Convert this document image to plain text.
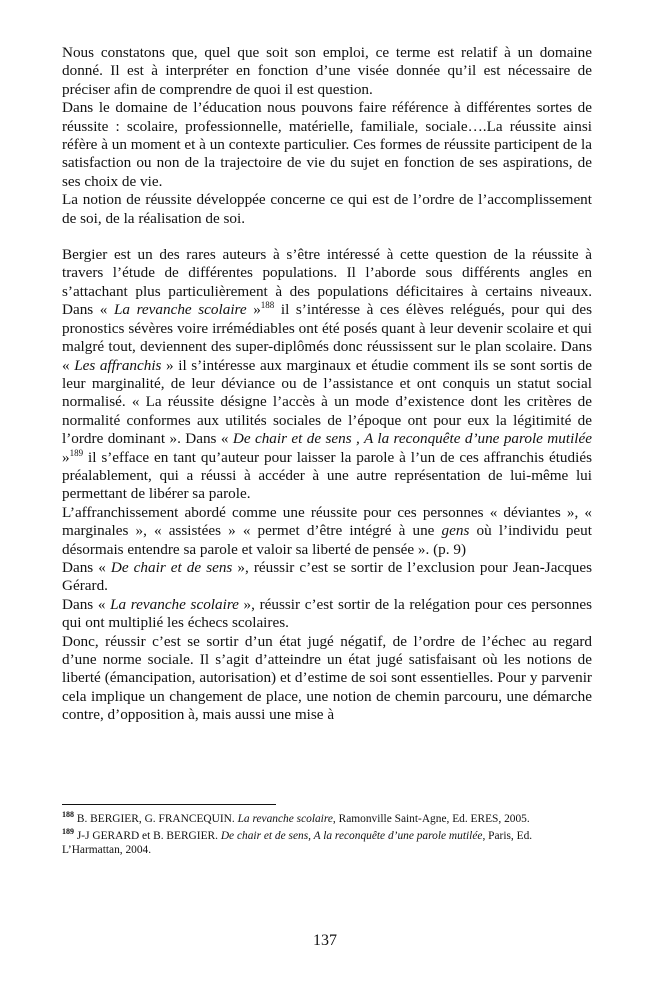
Nous constatons que, quel que soit son emploi, ce terme est relatif à un domaine donné. Il est à interpréter en fonction d’une visée donnée qu’il est nécessaire de préciser afin de comprendre de quoi il est question.

Dans le domaine de l’éducation nous pouvons faire référence à différentes sortes de réussite : scolaire, professionnelle, matérielle, familiale, sociale….La réussite ainsi réfère à un moment et à un contexte particulier. Ces formes de réussite participent de la satisfaction ou non de la trajectoire de vie du sujet en fonction de ses aspirations, de ses choix de vie.

La notion de réussite développée concerne ce qui est de l’ordre de l’accomplissement de soi, de la réalisation de soi.

Bergier est un des rares auteurs à s’être intéressé à cette question de la réussite à travers l’étude de différentes populations. Il l’aborde sous différents angles en s’attachant plus particulièrement à des populations déficitaires à certains niveaux. Dans « La revanche scolaire »$^{188}$ il s’intéresse à ces élèves relégués, pour qui des pronostics sévères voire irrémédiables ont été posés quant à leur devenir scolaire et qui malgré tout, deviennent des super-diplômés donc réussissent sur le plan scolaire. Dans « Les affranchis » il s’intéresse aux marginaux et étudie comment ils se sont sortis de leur marginalité, de leur déviance ou de l’assistance et ont conquis un statut social normalisé. « La réussite désigne l’accès à un mode d’existence dont les critères de normalité conformes aux utilités sociales de l’époque ont pour eux la légitimité de l’ordre dominant ». Dans « De chair et de sens , A la reconquête d’une parole mutilée »$^{189}$ il s’efface en tant qu’auteur pour laisser la parole à l’un de ces affranchis étudiés préalablement, qui a réussi à accéder à une autre représentation de lui-même lui permettant de libérer sa parole.

L’affranchissement abordé comme une réussite pour ces personnes « déviantes », « marginales », « assistées » « permet d’être intégré à une gens où l’individu peut désormais entendre sa parole et valoir sa liberté de pensée ». (p. 9)

Dans « De chair et de sens », réussir c’est se sortir de l’exclusion pour Jean-Jacques Gérard.

Dans « La revanche scolaire », réussir c’est sortir de la relégation pour ces personnes qui ont multiplié les échecs scolaires.

Donc, réussir c’est se sortir d’un état jugé négatif, de l’ordre de l’échec au regard d’une norme sociale. Il s’agit d’atteindre un état jugé satisfaisant où les notions de liberté (émancipation, autorisation) et d’estime de soi sont essentielles. Pour y parvenir cela implique un changement de place, une notion de chemin parcouru, une démarche contre, d’opposition à, mais aussi une mise à

$^{188}$ B. BERGIER, G. FRANCEQUIN. La revanche scolaire, Ramonville Saint-Agne, Ed. ERES, 2005.

$^{189}$ J-J GERARD et B. BERGIER. De chair et de sens, A la reconquête d’une parole mutilée, Paris, Ed. L’Harmattan, 2004.

137
